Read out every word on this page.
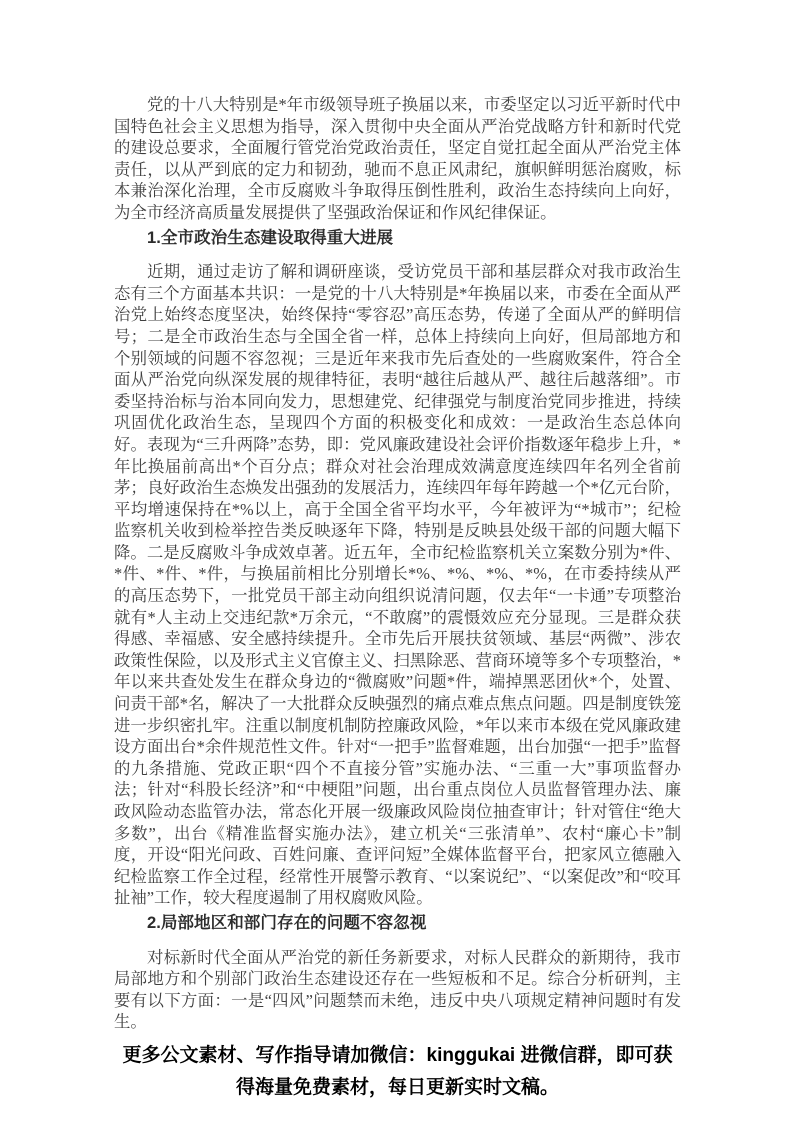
党的十八大特别是*年市级领导班子换届以来，市委坚定以习近平新时代中国特色社会主义思想为指导，深入贯彻中央全面从严治党战略方针和新时代党的建设总要求，全面履行管党治党政治责任，坚定自觉扛起全面从严治党主体责任，以从严到底的定力和韧劲，驰而不息正风肃纪，旗帜鲜明惩治腐败，标本兼治深化治理，全市反腐败斗争取得压倒性胜利，政治生态持续向上向好，为全市经济高质量发展提供了坚强政治保证和作风纪律保证。

1.全市政治生态建设取得重大进展

近期，通过走访了解和调研座谈，受访党员干部和基层群众对我市政治生态有三个方面基本共识：一是党的十八大特别是*年换届以来，市委在全面从严治党上始终态度坚决，始终保持“零容忍”高压态势，传递了全面从严的鲜明信号；二是全市政治生态与全国全省一样，总体上持续向上向好，但局部地方和个别领域的问题不容忽视；三是近年来我市先后查处的一些腐败案件，符合全面从严治党向纵深发展的规律特征，表明“越往后越从严、越往后越落细”。市委坚持治标与治本同向发力，思想建党、纪律强党与制度治党同步推进，持续巩固优化政治生态，呈现四个方面的积极变化和成效：一是政治生态总体向好。表现为“三升两降”态势，即：党风廉政建设社会评价指数逐年稳步上升，*年比换届前高出*个百分点；群众对社会治理成效满意度连续四年名列全省前茅；良好政治生态焕发出强劲的发展活力，连续四年每年跨越一个*亿元台阶，平均增速保持在*%以上，高于全国全省平均水平，今年被评为“*城市”；纪检监察机关收到检举控告类反映逐年下降，特别是反映县处级干部的问题大幅下降。二是反腐败斗争成效卓著。近五年，全市纪检监察机关立案数分别为*件、*件、*件、*件，与换届前相比分别增长*%、*%、*%、*%，在市委持续从严的高压态势下，一批党员干部主动向组织说清问题，仅去年“一卡通”专项整治就有*人主动上交违纪款*万余元，“不敢腐”的震慑效应充分显现。三是群众获得感、幸福感、安全感持续提升。全市先后开展扶贫领域、基层“两微”、涉农政策性保险，以及形式主义官僚主义、扫黑除恶、营商环境等多个专项整治，*年以来共查处发生在群众身边的“微腐败”问题*件，端掉黑恶团伙*个，处置、问责干部*名，解决了一大批群众反映强烈的痛点难点焦点问题。四是制度铁笼进一步织密扎牢。注重以制度机制防控廉政风险，*年以来市本级在党风廉政建设方面出台*余件规范性文件。针对“一把手”监督难题，出台加强“一把手”监督的九条措施、党政正职“四个不直接分管”实施办法、“三重一大”事项监督办法；针对“科股长经济”和“中梗阻”问题，出台重点岗位人员监督管理办法、廉政风险动态监管办法，常态化开展一级廉政风险岗位抽查审计；针对管住“绝大多数”，出台《精准监督实施办法》，建立机关“三张清单”、农村“廉心卡”制度，开设“阳光问政、百姓问廉、查评问短”全媒体监督平台，把家风立德融入纪检监察工作全过程，经常性开展警示教育、“以案说纪”、“以案促改”和“咬耳扯袖”工作，较大程度遏制了用权腐败风险。

2.局部地区和部门存在的问题不容忽视

对标新时代全面从严治党的新任务新要求，对标人民群众的新期待，我市局部地方和个别部门政治生态建设还存在一些短板和不足。综合分析研判，主要有以下方面：一是“四风”问题禁而未绝，违反中央八项规定精神问题时有发生。

更多公文素材、写作指导请加微信：kinggukai 进微信群，即可获得海量免费素材，每日更新实时文稿。
